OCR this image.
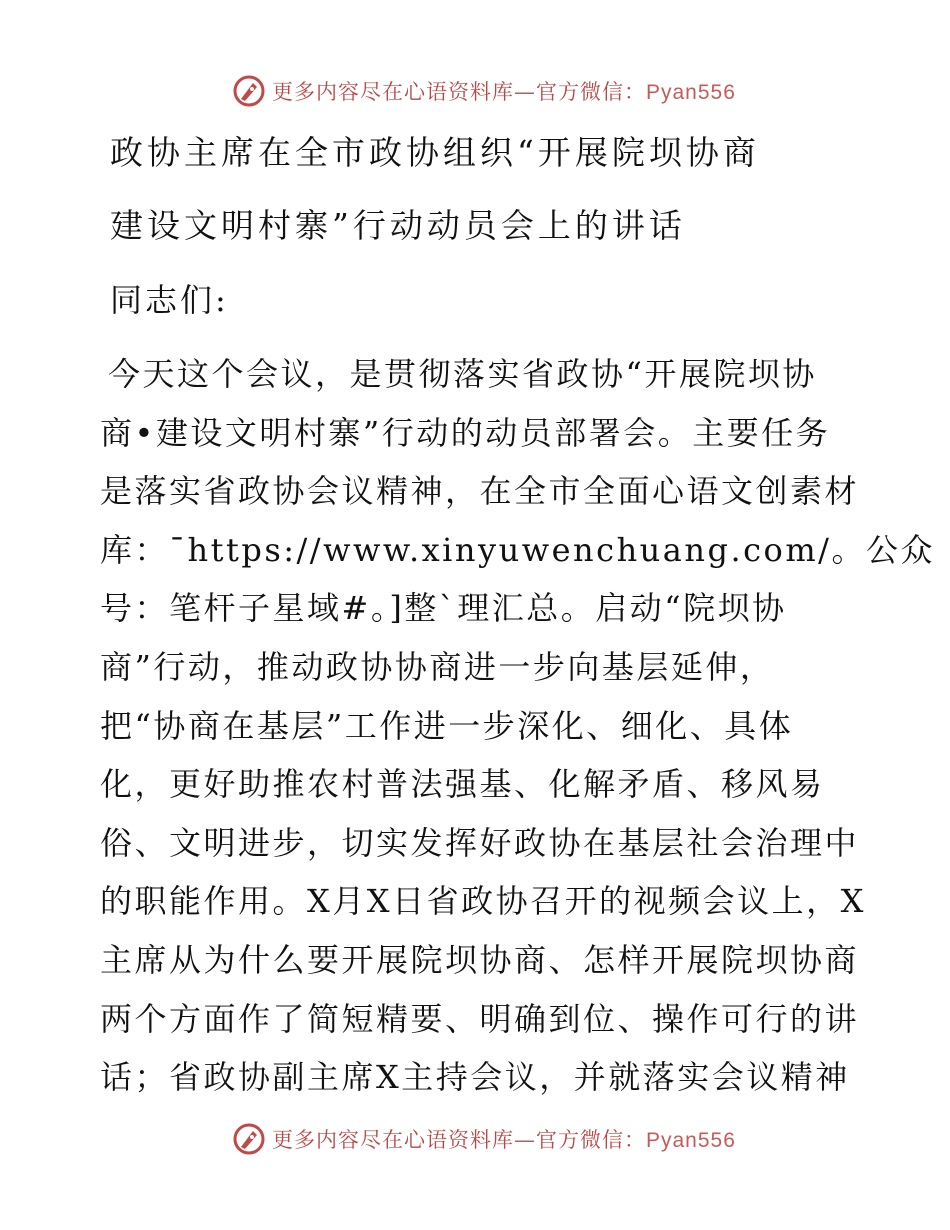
更多内容尽在心语资料库—官方微信：Pyan556
政协主席在全市政协组织“开展院坝协商
建设文明村寨”行动动员会上的讲话
同志们:
今天这个会议，是贯彻落实省政协“开展院坝协
商•建设文明村寨”行动的动员部署会。主要任务
是落实省政协会议精神，在全市全面心语文创素材
库：¯https://www.xinyuwenchuang.com/。公众
号：笔杆子星域#。]整`理汇总。启动“院坝协
商”行动，推动政协协商进一步向基层延伸，
把“协商在基层”工作进一步深化、细化、具体
化，更好助推农村普法强基、化解矛盾、移风易
俗、文明进步，切实发挥好政协在基层社会治理中
的职能作用。X月X日省政协召开的视频会议上，X
主席从为什么要开展院坝协商、怎样开展院坝协商
两个方面作了简短精要、明确到位、操作可行的讲
话；省政协副主席X主持会议，并就落实会议精神
更多内容尽在心语资料库—官方微信：Pyan556
